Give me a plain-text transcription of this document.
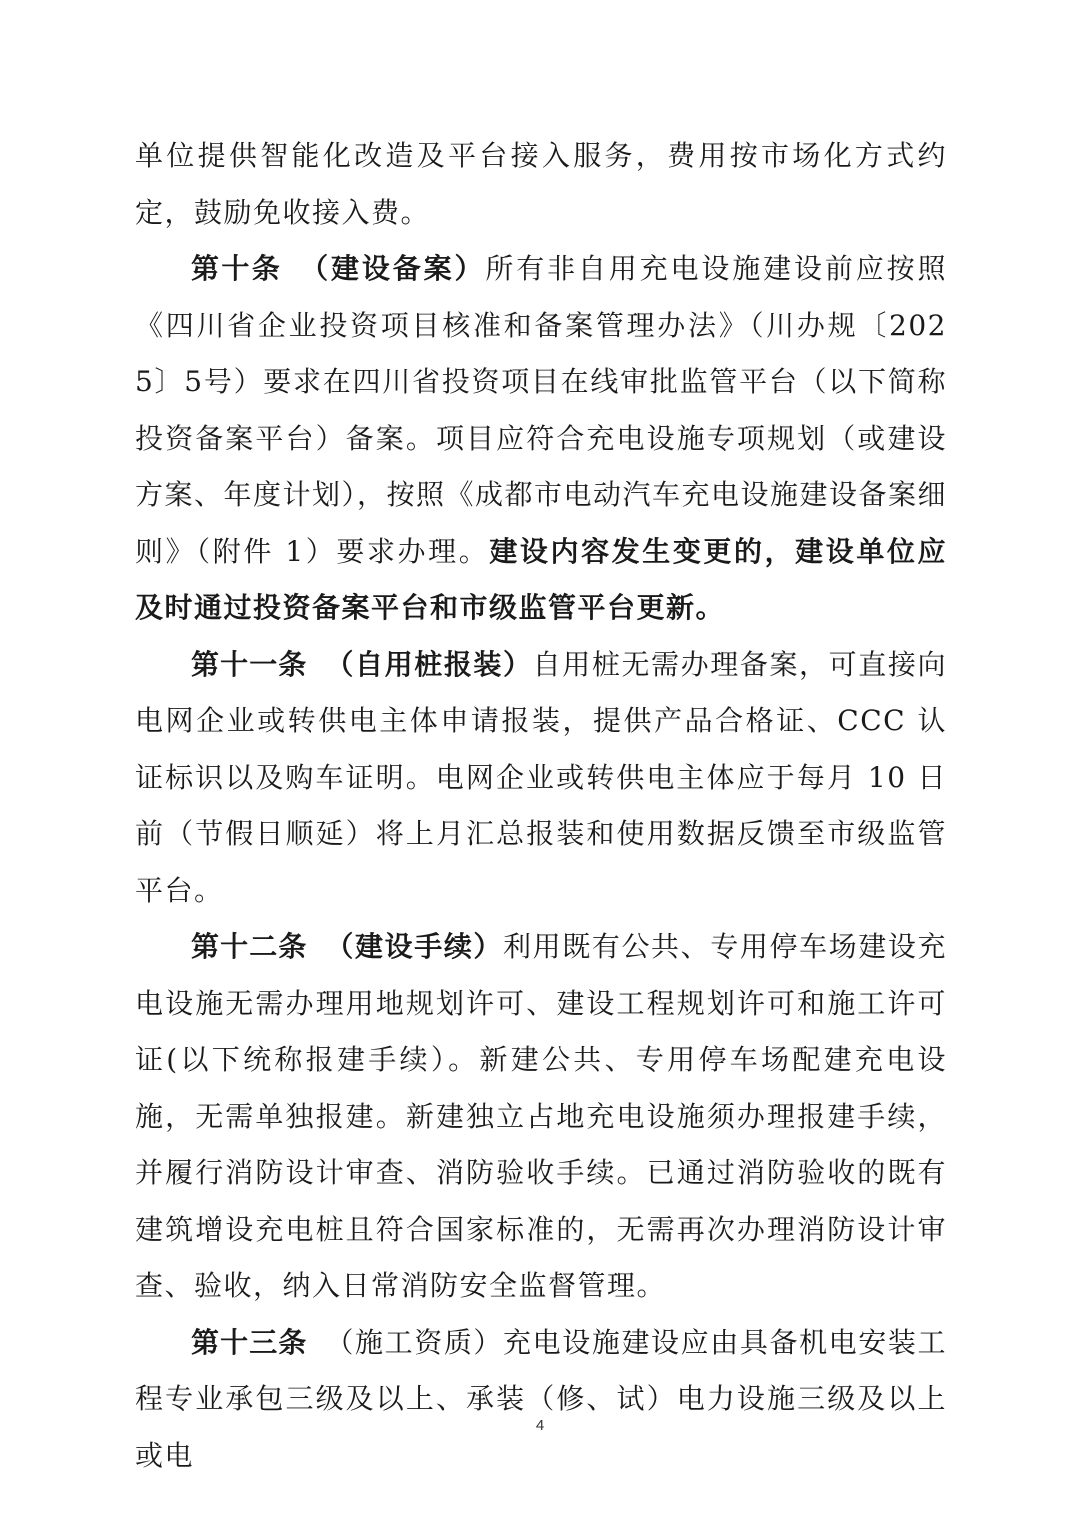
单位提供智能化改造及平台接入服务，费用按市场化方式约定，鼓励免收接入费。

第十条 （建设备案）所有非自用充电设施建设前应按照《四川省企业投资项目核准和备案管理办法》（川办规〔2025〕5号）要求在四川省投资项目在线审批监管平台（以下简称投资备案平台）备案。项目应符合充电设施专项规划（或建设方案、年度计划），按照《成都市电动汽车充电设施建设备案细则》（附件 1）要求办理。建设内容发生变更的，建设单位应及时通过投资备案平台和市级监管平台更新。

第十一条 （自用桩报装）自用桩无需办理备案，可直接向电网企业或转供电主体申请报装，提供产品合格证、CCC 认证标识以及购车证明。电网企业或转供电主体应于每月 10 日前（节假日顺延）将上月汇总报装和使用数据反馈至市级监管平台。

第十二条 （建设手续）利用既有公共、专用停车场建设充电设施无需办理用地规划许可、建设工程规划许可和施工许可证(以下统称报建手续）。新建公共、专用停车场配建充电设施，无需单独报建。新建独立占地充电设施须办理报建手续，并履行消防设计审查、消防验收手续。已通过消防验收的既有建筑增设充电桩且符合国家标准的，无需再次办理消防设计审查、验收，纳入日常消防安全监督管理。

第十三条 （施工资质）充电设施建设应由具备机电安装工程专业承包三级及以上、承装（修、试）电力设施三级及以上或电

4
